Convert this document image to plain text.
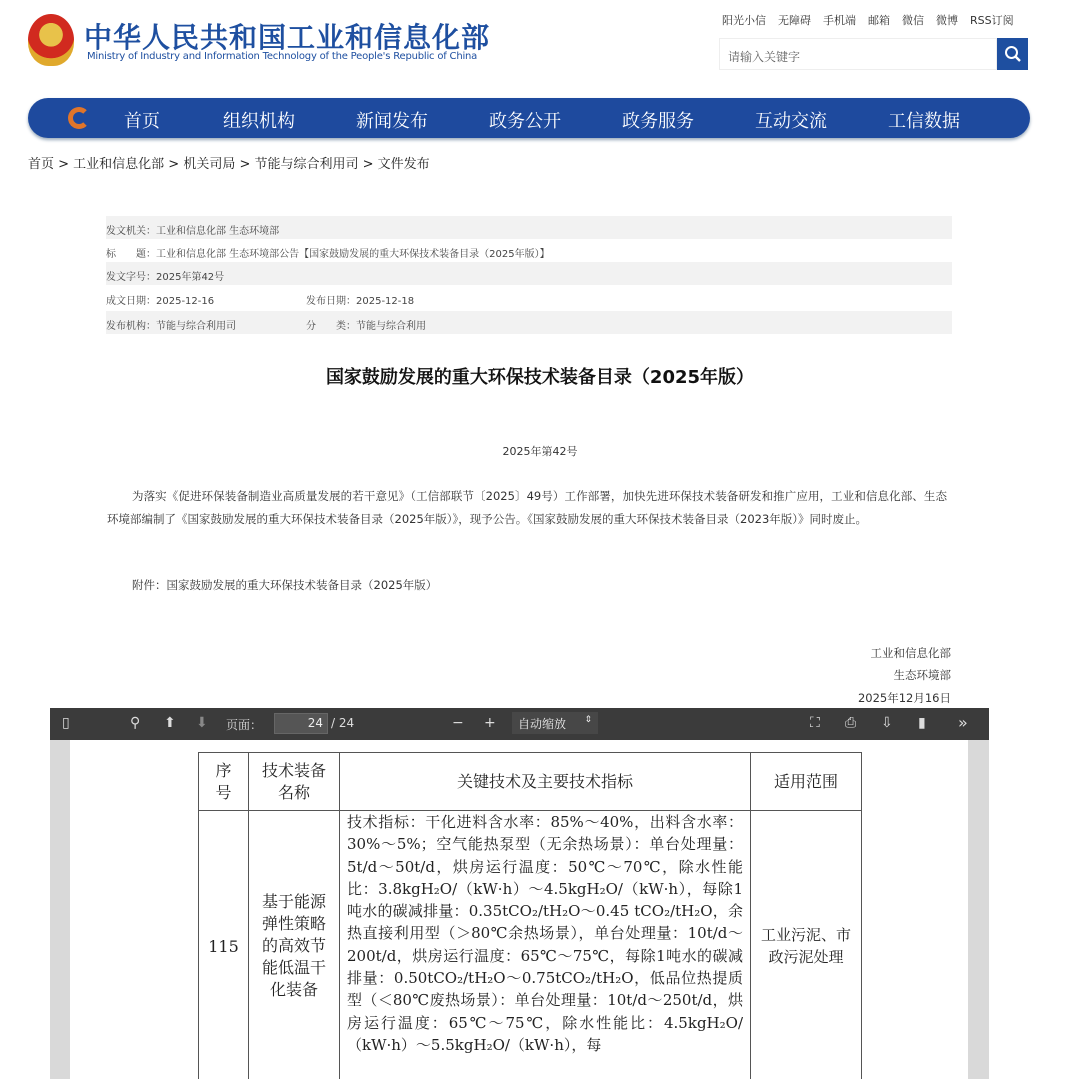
中华人民共和国工业和信息化部
Ministry of Industry and Information Technology of the People's Republic of China
阳光小信 无障碍 手机端 邮箱 微信 微博 RSS订阅
请输入关键字
首页	组织机构	新闻发布	政务公开	政务服务	互动交流	工信数据
首页 > 工业和信息化部 > 机关司局 > 节能与综合利用司 > 文件发布
发文机关：工业和信息化部 生态环境部
标　　题：工业和信息化部 生态环境部公告【国家鼓励发展的重大环保技术装备目录（2025年版）】
发文字号：2025年第42号
成文日期：2025-12-16	发布日期：2025-12-18
发布机构：节能与综合利用司	分　　类：节能与综合利用
国家鼓励发展的重大环保技术装备目录（2025年版）
2025年第42号
为落实《促进环保装备制造业高质量发展的若干意见》（工信部联节〔2025〕49号）工作部署，加快先进环保技术装备研发和推广应用，工业和信息化部、生态环境部编制了《国家鼓励发展的重大环保技术装备目录（2025年版）》，现予公告。《国家鼓励发展的重大环保技术装备目录（2023年版）》同时废止。
附件：国家鼓励发展的重大环保技术装备目录（2025年版）
工业和信息化部
生态环境部
2025年12月16日
▯	⚲ ⬆ ⬇ 页面：	24 / 24	− +	自动缩放 ⇕	⛶ ⎙ ⇩ ▮ »
序号	技术装备名称	关键技术及主要技术指标	适用范围
115	基于能源弹性策略的高效节能低温干化装备	技术指标：干化进料含水率：85%～40%，出料含水率：30%～5%；空气能热泵型（无余热场景）：单台处理量：5t/d～50t/d，烘房运行温度：50℃～70℃，除水性能比：3.8kgH₂O/（kW·h）～4.5kgH₂O/（kW·h），每除1吨水的碳减排量：0.35tCO₂/tH₂O～0.45 tCO₂/tH₂O，余热直接利用型（＞80℃余热场景），单台处理量：10t/d～200t/d，烘房运行温度：65℃～75℃，每除1吨水的碳减排量：0.50tCO₂/tH₂O～0.75tCO₂/tH₂O，低品位热提质型（＜80℃废热场景）：单台处理量：10t/d～250t/d，烘房运行温度：65℃～75℃，除水性能比：4.5kgH₂O/（kW·h）～5.5kgH₂O/（kW·h），每	工业污泥、市政污泥处理
